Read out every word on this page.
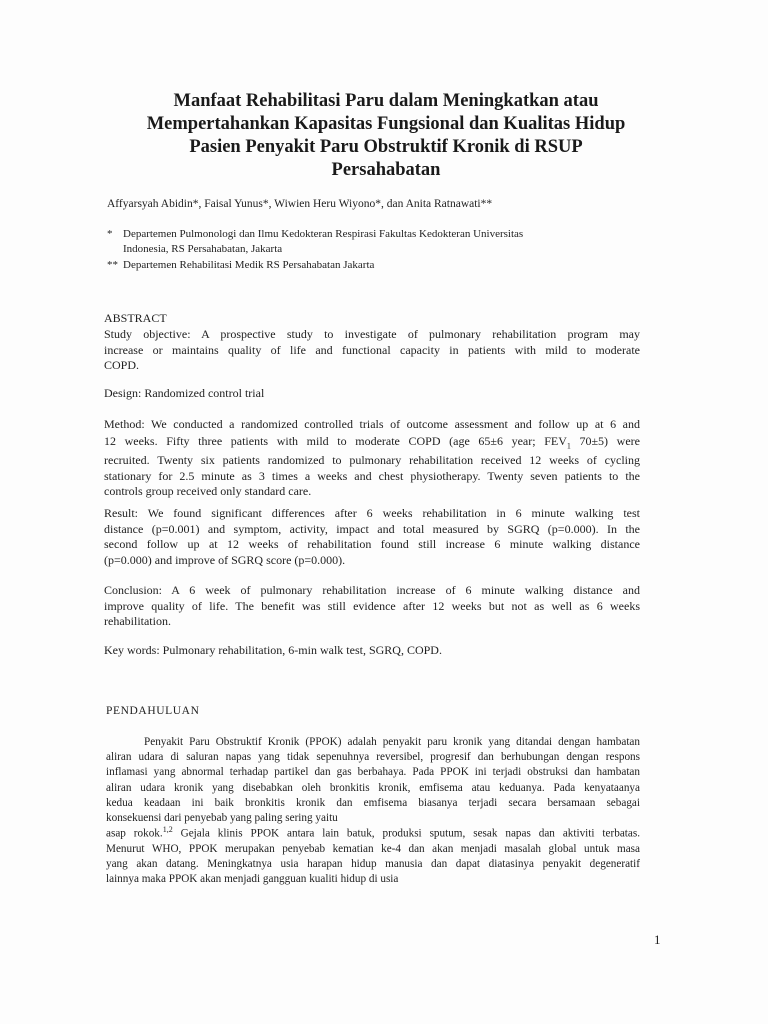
Manfaat Rehabilitasi Paru dalam Meningkatkan atau
Mempertahankan Kapasitas Fungsional dan Kualitas Hidup
Pasien Penyakit Paru Obstruktif Kronik di RSUP
Persahabatan
Affyarsyah Abidin*, Faisal Yunus*, Wiwien Heru Wiyono*, dan Anita Ratnawati**
* Departemen Pulmonologi dan Ilmu Kedokteran Respirasi Fakultas Kedokteran Universitas
Indonesia, RS Persahabatan, Jakarta
** Departemen Rehabilitasi Medik RS Persahabatan Jakarta
ABSTRACT
Study objective: A prospective study to investigate of pulmonary rehabilitation program may
increase or maintains quality of life and functional capacity in patients with mild to moderate
COPD.
Design: Randomized control trial
Method: We conducted a randomized controlled trials of outcome assessment and follow up at 6 and
12 weeks. Fifty three patients with mild to moderate COPD (age 65±6 year; $FEV_1$ 70±5) were
recruited. Twenty six patients randomized to pulmonary rehabilitation received 12 weeks of cycling
stationary for 2.5 minute as 3 times a weeks and chest physiotherapy. Twenty seven patients to the
controls group received only standard care.
Result: We found significant differences after 6 weeks rehabilitation in 6 minute walking test
distance (p=0.001) and symptom, activity, impact and total measured by SGRQ (p=0.000). In the
second follow up at 12 weeks of rehabilitation found still increase 6 minute walking distance
(p=0.000) and improve of SGRQ score (p=0.000).
Conclusion: A 6 week of pulmonary rehabilitation increase of 6 minute walking distance and
improve quality of life. The benefit was still evidence after 12 weeks but not as well as 6 weeks
rehabilitation.
Key words: Pulmonary rehabilitation, 6-min walk test, SGRQ, COPD.
PENDAHULUAN
Penyakit Paru Obstruktif Kronik (PPOK) adalah penyakit paru kronik yang ditandai dengan hambatan
aliran udara di saluran napas yang tidak sepenuhnya reversibel, progresif dan berhubungan dengan respons
inflamasi yang abnormal terhadap partikel dan gas berbahaya. Pada PPOK ini terjadi obstruksi dan hambatan
aliran udara kronik yang disebabkan oleh bronkitis kronik, emfisema atau keduanya. Pada kenyataanya
kedua keadaan ini baik bronkitis kronik dan emfisema biasanya terjadi secara bersamaan sebagai
konsekuensi dari penyebab yang paling sering yaitu
asap rokok.$^{1,2}$ Gejala klinis PPOK antara lain batuk, produksi sputum, sesak napas dan aktiviti terbatas.
Menurut WHO, PPOK merupakan penyebab kematian ke-4 dan akan menjadi masalah global untuk masa
yang akan datang. Meningkatnya usia harapan hidup manusia dan dapat diatasinya penyakit degeneratif
lainnya maka PPOK akan menjadi gangguan kualiti hidup di usia
1
